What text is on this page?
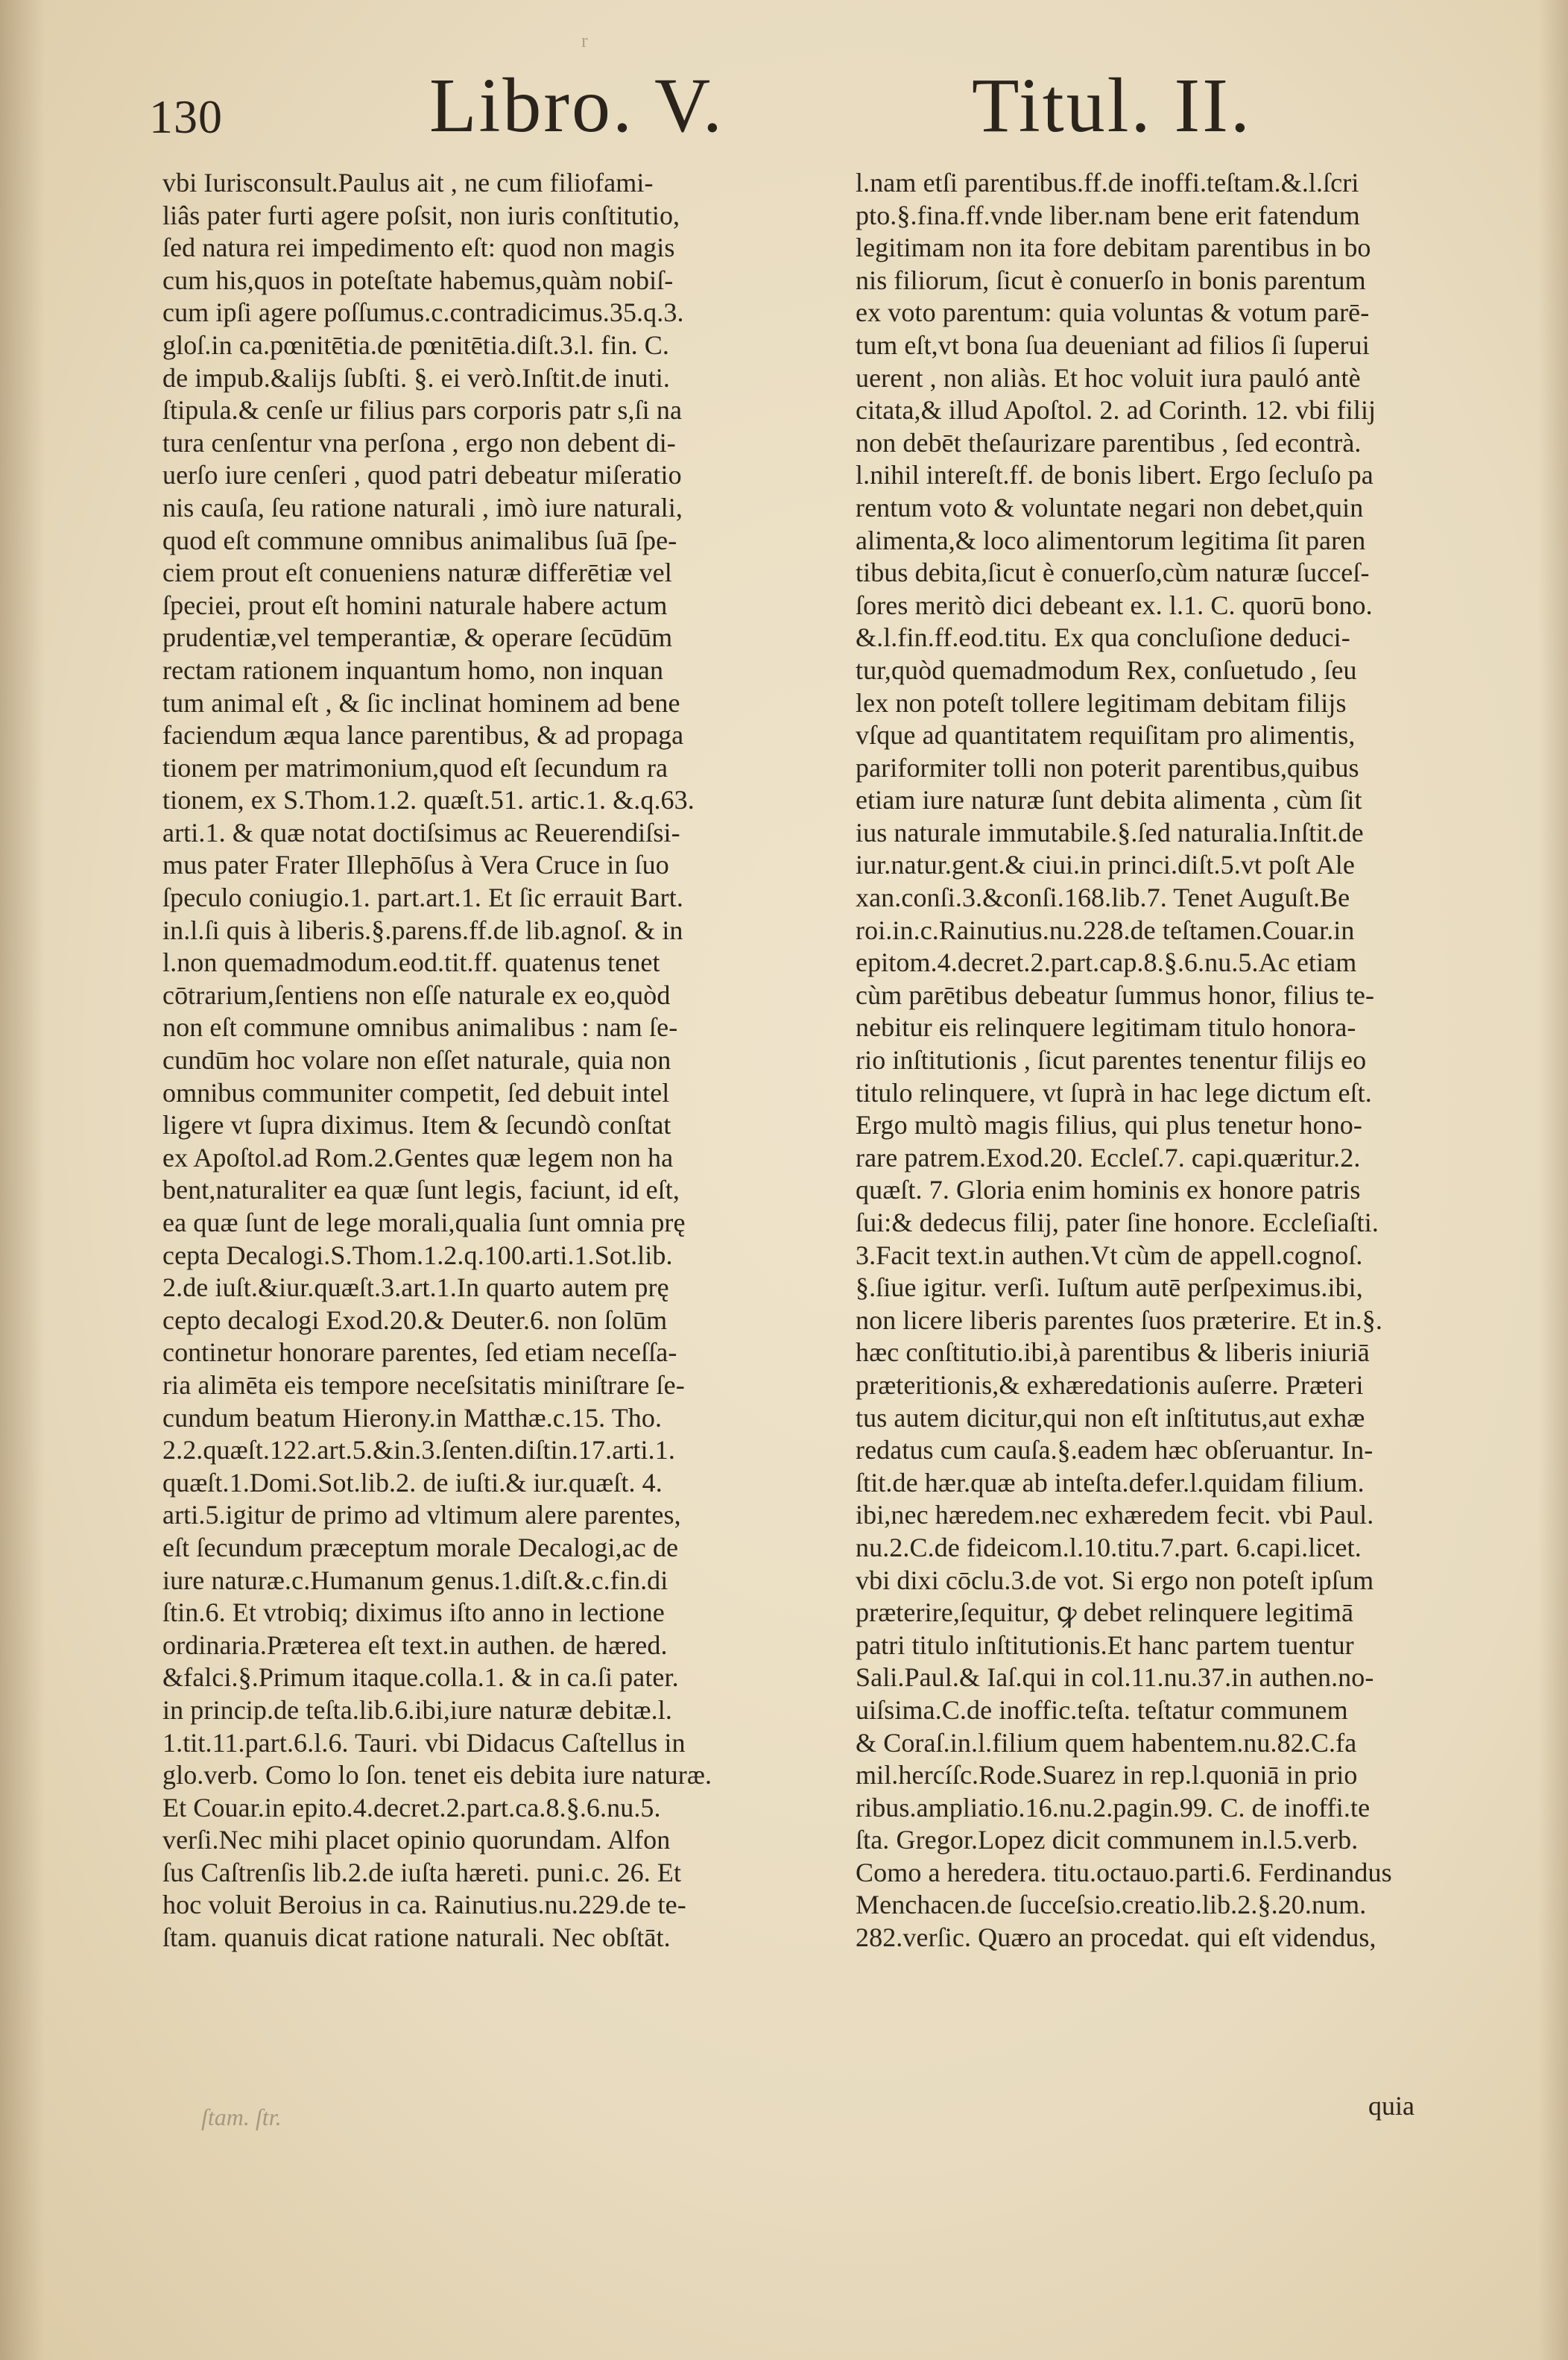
r
130	Libro. V.	Titul. II.
vbi Iurisconsult.Paulus ait , ne cum filiofami-
liâs pater furti agere poſsit, non iuris conſtitutio,
ſed natura rei impedimento eſt: quod non magis
cum his,quos in poteſtate habemus,quàm nobiſ-
cum ipſi agere poſſumus.c.contradicimus.35.q.3.
gloſ.in ca.pœnitētia.de pœnitētia.diſt.3.l. fin. C.
de impub.&alijs ſubſti. §. ei verò.Inſtit.de inuti.
ſtipula.& cenſe ur filius pars corporis patr s,ſi na
tura cenſentur vna perſona , ergo non debent di-
uerſo iure cenſeri , quod patri debeatur miſeratio
nis cauſa, ſeu ratione naturali , imò iure naturali,
quod eſt commune omnibus animalibus ſuā ſpe-
ciem prout eſt conueniens naturæ differētiæ vel
ſpeciei, prout eſt homini naturale habere actum
prudentiæ,vel temperantiæ, & operare ſecūdūm
rectam rationem inquantum homo, non inquan
tum animal eſt , & ſic inclinat hominem ad bene
faciendum æqua lance parentibus, & ad propaga
tionem per matrimonium,quod eſt ſecundum ra
tionem, ex S.Thom.1.2. quæſt.51. artic.1. &.q.63.
arti.1. & quæ notat doctiſsimus ac Reuerendiſsi-
mus pater Frater Illephōſus à Vera Cruce in ſuo
ſpeculo coniugio.1. part.art.1. Et ſic errauit Bart.
in.l.ſi quis à liberis.§.parens.ff.de lib.agnoſ. & in
l.non quemadmodum.eod.tit.ff. quatenus tenet
cōtrarium,ſentiens non eſſe naturale ex eo,quòd
non eſt commune omnibus animalibus : nam ſe-
cundūm hoc volare non eſſet naturale, quia non
omnibus communiter competit, ſed debuit intel
ligere vt ſupra diximus. Item & ſecundò conſtat
ex Apoſtol.ad Rom.2.Gentes quæ legem non ha
bent,naturaliter ea quæ ſunt legis, faciunt, id eſt,
ea quæ ſunt de lege morali,qualia ſunt omnia prę
cepta Decalogi.S.Thom.1.2.q.100.arti.1.Sot.lib.
2.de iuſt.&iur.quæſt.3.art.1.In quarto autem prę
cepto decalogi Exod.20.& Deuter.6. non ſolūm
continetur honorare parentes, ſed etiam neceſſa-
ria alimēta eis tempore neceſsitatis miniſtrare ſe-
cundum beatum Hierony.in Matthæ.c.15. Tho.
2.2.quæſt.122.art.5.&in.3.ſenten.diſtin.17.arti.1.
quæſt.1.Domi.Sot.lib.2. de iuſti.& iur.quæſt. 4.
arti.5.igitur de primo ad vltimum alere parentes,
eſt ſecundum præceptum morale Decalogi,ac de
iure naturæ.c.Humanum genus.1.diſt.&.c.fin.di
ſtin.6. Et vtrobiq; diximus iſto anno in lectione
ordinaria.Præterea eſt text.in authen. de hæred.
&falci.§.Primum itaque.colla.1. & in ca.ſi pater.
in princip.de teſta.lib.6.ibi,iure naturæ debitæ.l.
1.tit.11.part.6.l.6. Tauri. vbi Didacus Caſtellus in
glo.verb. Como lo ſon. tenet eis debita iure naturæ.
Et Couar.in epito.4.decret.2.part.ca.8.§.6.nu.5.
verſi.Nec mihi placet opinio quorundam. Alfon
ſus Caſtrenſis lib.2.de iuſta hæreti. puni.c. 26. Et
hoc voluit Beroius in ca. Rainutius.nu.229.de te-
ſtam. quanuis dicat ratione naturali. Nec obſtāt.
l.nam etſi parentibus.ff.de inoffi.teſtam.&.l.ſcri
pto.§.fina.ff.vnde liber.nam bene erit fatendum
legitimam non ita fore debitam parentibus in bo
nis filiorum, ſicut è conuerſo in bonis parentum
ex voto parentum: quia voluntas & votum parē-
tum eſt,vt bona ſua deueniant ad filios ſi ſuperui
uerent , non aliàs. Et hoc voluit iura pauló antè
citata,& illud Apoſtol. 2. ad Corinth. 12. vbi filij
non debēt theſaurizare parentibus , ſed econtrà.
l.nihil intereſt.ff. de bonis libert. Ergo ſecluſo pa
rentum voto & voluntate negari non debet,quin
alimenta,& loco alimentorum legitima ſit paren
tibus debita,ſicut è conuerſo,cùm naturæ ſucceſ-
ſores meritò dici debeant ex. l.1. C. quorū bono.
&.l.fin.ff.eod.titu. Ex qua concluſione deduci-
tur,quòd quemadmodum Rex, conſuetudo , ſeu
lex non poteſt tollere legitimam debitam filijs
vſque ad quantitatem requiſitam pro alimentis,
pariformiter tolli non poterit parentibus,quibus
etiam iure naturæ ſunt debita alimenta , cùm ſit
ius naturale immutabile.§.ſed naturalia.Inſtit.de
iur.natur.gent.& ciui.in princi.diſt.5.vt poſt Ale
xan.conſi.3.&conſi.168.lib.7. Tenet Auguſt.Be
roi.in.c.Rainutius.nu.228.de teſtamen.Couar.in
epitom.4.decret.2.part.cap.8.§.6.nu.5.Ac etiam
cùm parētibus debeatur ſummus honor, filius te-
nebitur eis relinquere legitimam titulo honora-
rio inſtitutionis , ſicut parentes tenentur filijs eo
titulo relinquere, vt ſuprà in hac lege dictum eſt.
Ergo multò magis filius, qui plus tenetur hono-
rare patrem.Exod.20. Eccleſ.7. capi.quæritur.2.
quæſt. 7. Gloria enim hominis ex honore patris
ſui:& dedecus filij, pater ſine honore. Eccleſiaſti.
3.Facit text.in authen.Vt cùm de appell.cognoſ.
§.ſiue igitur. verſi. Iuſtum autē perſpeximus.ibi,
non licere liberis parentes ſuos præterire. Et in.§.
hæc conſtitutio.ibi,à parentibus & liberis iniuriā
præteritionis,& exhæredationis auſerre. Præteri
tus autem dicitur,qui non eſt inſtitutus,aut exhæ
redatus cum cauſa.§.eadem hæc obſeruantur. In-
ſtit.de hær.quæ ab inteſta.defer.l.quidam filium.
ibi,nec hæredem.nec exhæredem fecit. vbi Paul.
nu.2.C.de fideicom.l.10.titu.7.part. 6.capi.licet.
vbi dixi cōclu.3.de vot. Si ergo non poteſt ipſum
præterire,ſequitur, ꝙ debet relinquere legitimā
patri titulo inſtitutionis.Et hanc partem tuentur
Sali.Paul.& Iaſ.qui in col.11.nu.37.in authen.no-
uiſsima.C.de inoffic.teſta. teſtatur communem
& Coraſ.in.l.filium quem habentem.nu.82.C.fa
mil.hercíſc.Rode.Suarez in rep.l.quoniā in prio
ribus.ampliatio.16.nu.2.pagin.99. C. de inoffi.te
ſta. Gregor.Lopez dicit communem in.l.5.verb.
Como a heredera. titu.octauo.parti.6. Ferdinandus
Menchacen.de ſucceſsio.creatio.lib.2.§.20.num.
282.verſic. Quæro an procedat. qui eſt videndus,
ſtam. ſtr.	quia
